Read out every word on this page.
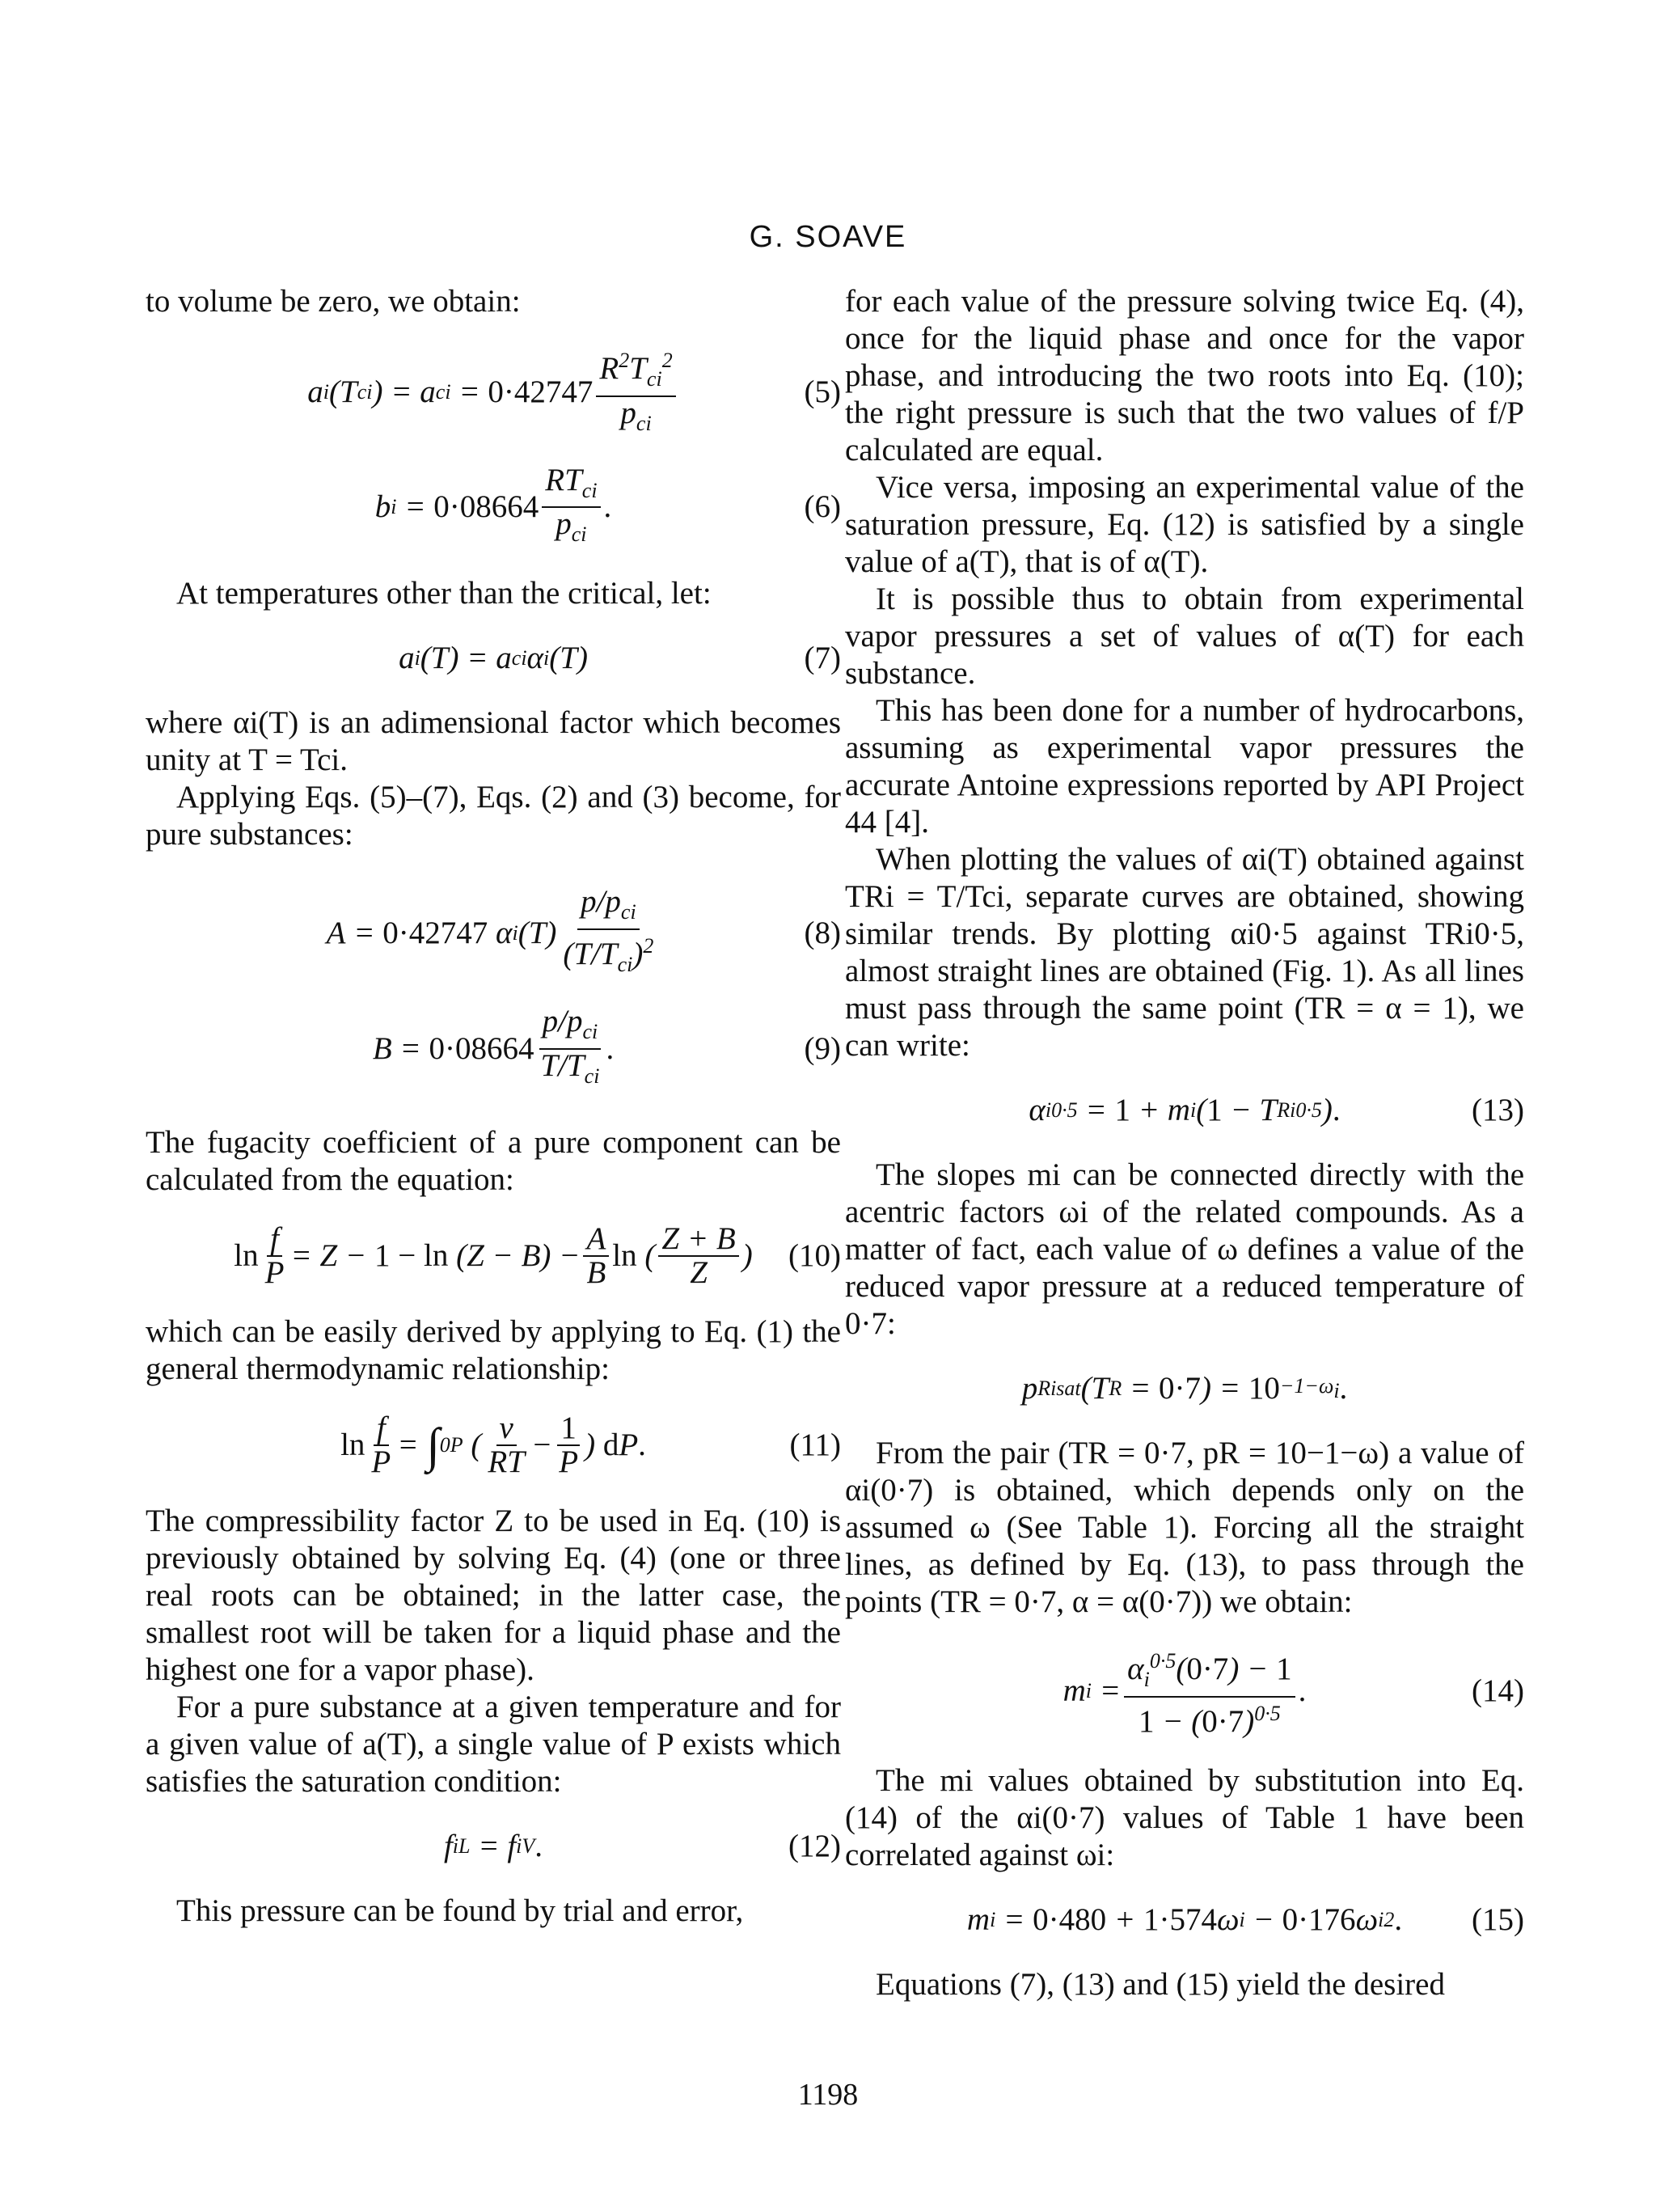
G. SOAVE

to volume be zero, we obtain:

a i (T ci ) = a ci = $0\cdot 42747 \frac{R^2T_{ci}^2}{p_{ci}}$	(5)
b $i = 0\cdot 08664 \frac{RT_{ci}}{p_{ci}}$ .	(6)

At temperatures other than the critical, let:

a i (T) = a ci α i (T)	(7)

where αi(T) is an adimensional factor which becomes unity at T = Tci.

Applying Eqs. (5)–(7), Eqs. (2) and (3) become, for pure substances:

A = 0·42747 α i $(T) \frac{p/p_{ci}}{(T/T_{ci})^2}$	(8)
$B = 0\cdot 08664 \frac{p/p_{ci}}{T/T_{ci}}$ .	(9)

The fugacity coefficient of a pure component can be calculated from the equation:

$\ln \frac{f}{P} = Z - 1 - \ln (Z - B) - \frac{A}{B}$ ln ( $\frac{Z + B}{Z}$ ) (10)

which can be easily derived by applying to Eq. (1) the general thermodynamic relationship:

$\ln \frac{f}{P}$ = ∫ 0 P ( $\frac{v}{RT} - \frac{1}{P}$ ) d P .	(11)

The compressibility factor Z to be used in Eq. (10) is previously obtained by solving Eq. (4) (one or three real roots can be obtained; in the latter case, the smallest root will be taken for a liquid phase and the highest one for a vapor phase).

For a pure substance at a given temperature and for a given value of a(T), a single value of P exists which satisfies the saturation condition:

f i L = f i V .	(12)

This pressure can be found by trial and error,

for each value of the pressure solving twice Eq. (4), once for the liquid phase and once for the vapor phase, and introducing the two roots into Eq. (10); the right pressure is such that the two values of f/P calculated are equal.

Vice versa, imposing an experimental value of the saturation pressure, Eq. (12) is satisfied by a single value of a(T), that is of α(T).

It is possible thus to obtain from experimental vapor pressures a set of values of α(T) for each substance.

This has been done for a number of hydrocarbons, assuming as experimental vapor pressures the accurate Antoine expressions reported by API Project 44 [4].

When plotting the values of αi(T) obtained against TRi = T/Tci, separate curves are obtained, showing similar trends. By plotting αi0·5 against TRi0·5, almost straight lines are obtained (Fig. 1). As all lines must pass through the same point (TR = α = 1), we can write:

α i 0·5 = 1 + m i ( 1 − T Ri 0·5 ) .	(13)

The slopes mi can be connected directly with the acentric factors ωi of the related compounds. As a matter of fact, each value of ω defines a value of the reduced vapor pressure at a reduced temperature of 0·7:

p Ri sat (T R = 0·7 ) = $10 -1-\omega_i$ .

From the pair (TR = 0·7, pR = 10−1−ω) a value of αi(0·7) is obtained, which depends only on the assumed ω (See Table 1). Forcing all the straight lines, as defined by Eq. (13), to pass through the points (TR = 0·7, α = α(0·7)) we obtain:

m $i = \frac{\alpha_i^{0\cdot 5}(0\cdot 7) - 1}{1 - (0\cdot 7)^{0\cdot 5}}$ .	(14)

The mi values obtained by substitution into Eq. (14) of the αi(0·7) values of Table 1 have been correlated against ωi:

m i = 0·480 + 1·574 ω i − 0·176 ω i 2 . (15)

Equations (7), (13) and (15) yield the desired

1198
